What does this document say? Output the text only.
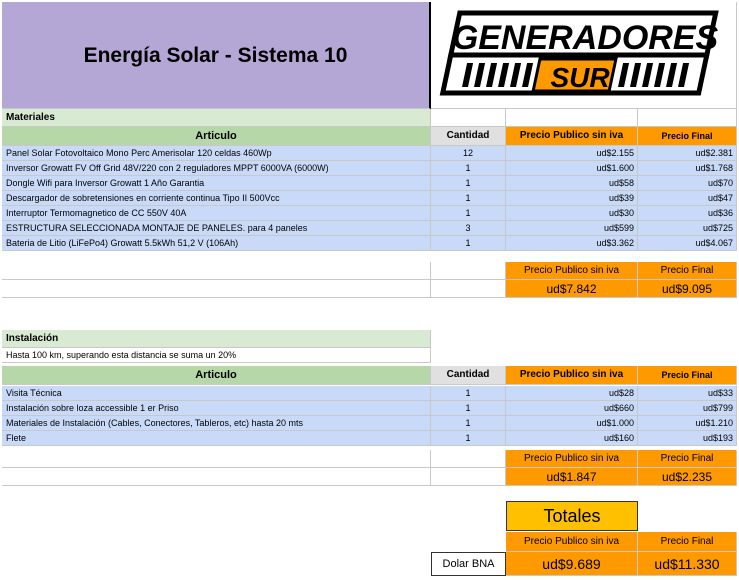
Energía Solar - Sistema 10	GENERADORES
SUR
Materiales
Articulo	Cantidad	Precio Publico sin iva	Precio Final
Panel Solar Fotovoltaico Mono Perc Amerisolar 120 celdas 460Wp	12	ud$2.155	ud$2.381
Inversor Growatt FV Off Grid 48V/220 con 2 reguladores MPPT 6000VA (6000W)	1	ud$1.600	ud$1.768
Dongle Wifi para Inversor Growatt 1 Año Garantia	1	ud$58	ud$70
Descargador de sobretensiones en corriente continua Tipo II 500Vcc	1	ud$39	ud$47
Interruptor Termomagnetico de CC 550V 40A	1	ud$30	ud$36
ESTRUCTURA SELECCIONADA MONTAJE DE PANELES. para 4 paneles	3	ud$599	ud$725
Bateria de Litio (LiFePo4) Growatt 5.5kWh 51,2 V (106Ah)	1	ud$3.362	ud$4.067
Precio Publico sin iva	Precio Final
ud$7.842	ud$9.095
Instalación
Hasta 100 km, superando esta distancia se suma un 20%
Articulo	Cantidad	Precio Publico sin iva	Precio Final
Visita Técnica	1	ud$28	ud$33
Instalación sobre loza accessible 1 er Priso	1	ud$660	ud$799
Materiales de Instalación (Cables, Conectores, Tableros, etc) hasta 20 mts	1	ud$1.000	ud$1.210
Flete	1	ud$160	ud$193
Precio Publico sin iva	Precio Final
ud$1.847	ud$2.235
Totales
Precio Publico sin iva	Precio Final
Dolar BNA	ud$9.689	ud$11.330
